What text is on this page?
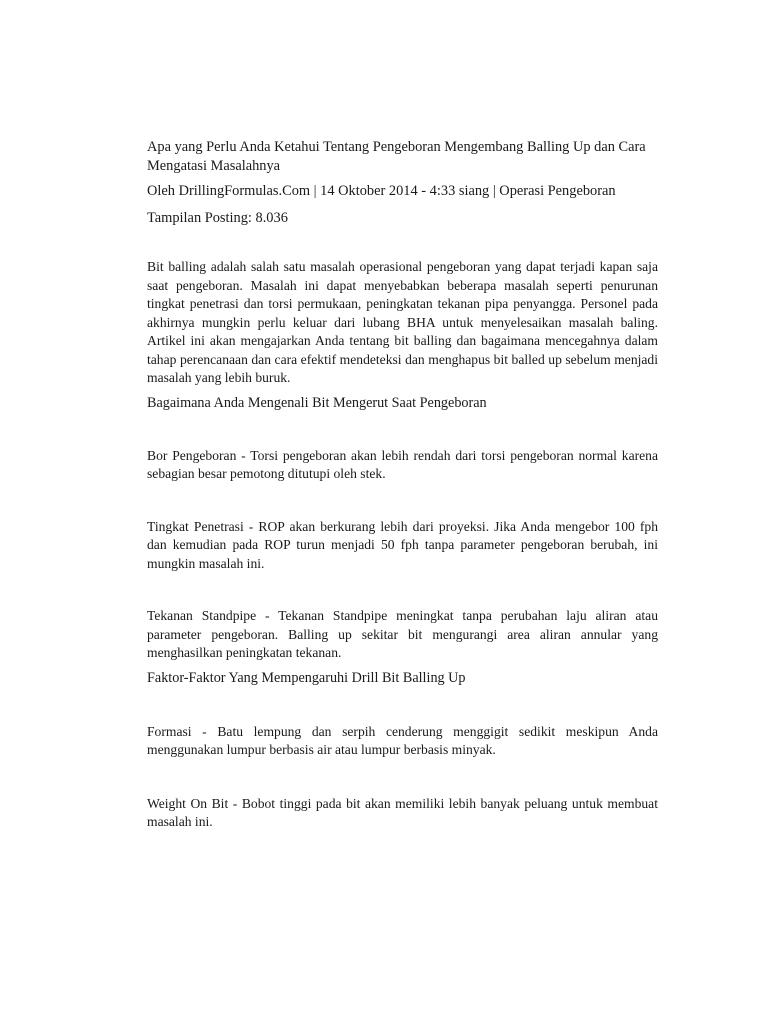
Apa yang Perlu Anda Ketahui Tentang Pengeboran Mengembang Balling Up dan Cara Mengatasi Masalahnya

Oleh DrillingFormulas.Com | 14 Oktober 2014 - 4:33 siang | Operasi Pengeboran

Tampilan Posting: 8.036

Bit balling adalah salah satu masalah operasional pengeboran yang dapat terjadi kapan saja saat pengeboran. Masalah ini dapat menyebabkan beberapa masalah seperti penurunan tingkat penetrasi dan torsi permukaan, peningkatan tekanan pipa penyangga. Personel pada akhirnya mungkin perlu keluar dari lubang BHA untuk menyelesaikan masalah baling. Artikel ini akan mengajarkan Anda tentang bit balling dan bagaimana mencegahnya dalam tahap perencanaan dan cara efektif mendeteksi dan menghapus bit balled up sebelum menjadi masalah yang lebih buruk.

Bagaimana Anda Mengenali Bit Mengerut Saat Pengeboran

Bor Pengeboran - Torsi pengeboran akan lebih rendah dari torsi pengeboran normal karena sebagian besar pemotong ditutupi oleh stek.

Tingkat Penetrasi - ROP akan berkurang lebih dari proyeksi. Jika Anda mengebor 100 fph dan kemudian pada ROP turun menjadi 50 fph tanpa parameter pengeboran berubah, ini mungkin masalah ini.

Tekanan Standpipe - Tekanan Standpipe meningkat tanpa perubahan laju aliran atau parameter pengeboran. Balling up sekitar bit mengurangi area aliran annular yang menghasilkan peningkatan tekanan.

Faktor-Faktor Yang Mempengaruhi Drill Bit Balling Up

Formasi - Batu lempung dan serpih cenderung menggigit sedikit meskipun Anda menggunakan lumpur berbasis air atau lumpur berbasis minyak.

Weight On Bit - Bobot tinggi pada bit akan memiliki lebih banyak peluang untuk membuat masalah ini.
